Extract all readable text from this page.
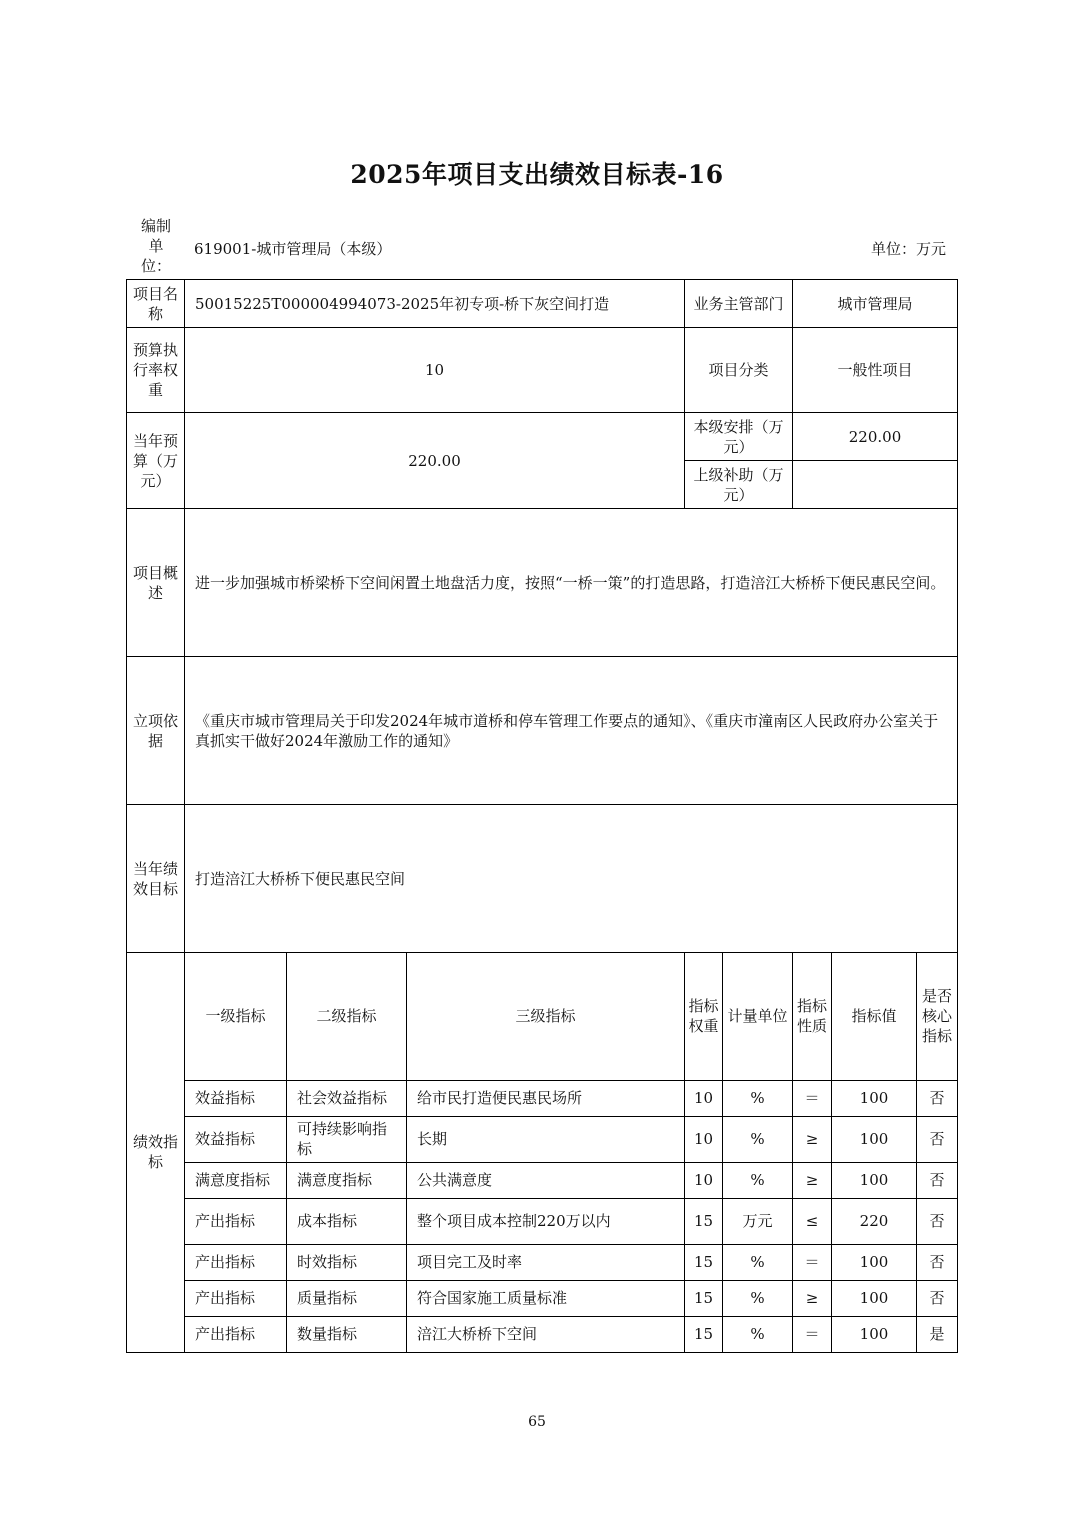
2025年项目支出绩效目标表-16
编制单位：
619001-城市管理局（本级）	单位：万元
项目名称	50015225T000004994073-2025年初专项-桥下灰空间打造	业务主管部门	城市管理局
预算执行率权重	10	项目分类	一般性项目
当年预算（万元）	220.00	本级安排（万元）	220.00
		上级补助（万元）	
项目概述	进一步加强城市桥梁桥下空间闲置土地盘活力度，按照“一桥一策”的打造思路，打造涪江大桥桥下便民惠民空间。		
立项依据	《重庆市城市管理局关于印发2024年城市道桥和停车管理工作要点的通知》、《重庆市潼南区人民政府办公室关于真抓实干做好2024年激励工作的通知》		
当年绩效目标	打造涪江大桥桥下便民惠民空间		
绩效指标	一级指标	二级指标	三级指标	指标权重	计量单位	指标性质	指标值	是否核心指标
	效益指标	社会效益指标	给市民打造便民惠民场所	10	%	＝	100	否
	效益指标	可持续影响指标	长期	10	%	≥	100	否
	满意度指标	满意度指标	公共满意度	10	%	≥	100	否
	产出指标	成本指标	整个项目成本控制220万以内	15	万元	≤	220	否
	产出指标	时效指标	项目完工及时率	15	%	＝	100	否
	产出指标	质量指标	符合国家施工质量标准	15	%	≥	100	否
	产出指标	数量指标	涪江大桥桥下空间	15	%	＝	100	是
65
